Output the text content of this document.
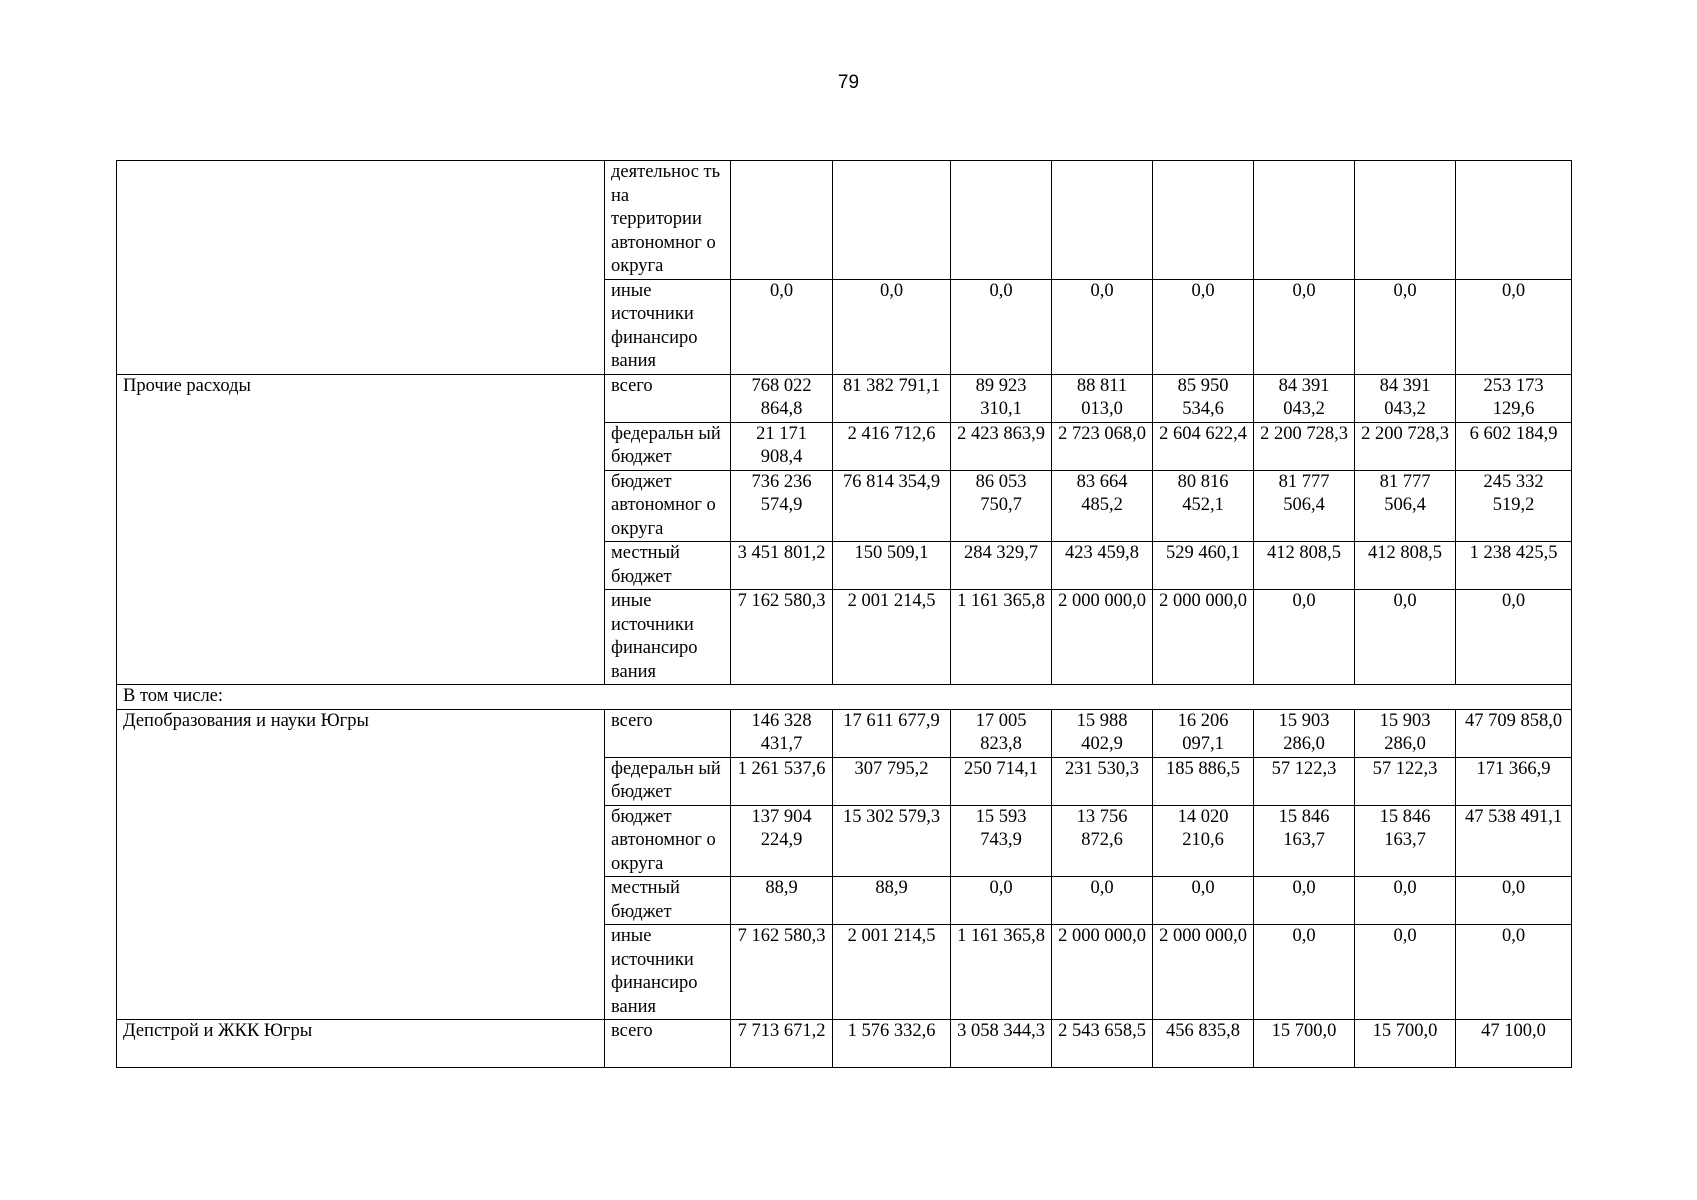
79
	деятельнос ть на территории автономног о округа								
	иные источники финансиро вания	0,0	0,0	0,0	0,0	0,0	0,0	0,0	0,0
Прочие расходы	всего	768 022 864,8	81 382 791,1	89 923 310,1	88 811 013,0	85 950 534,6	84 391 043,2	84 391 043,2	253 173 129,6
	федеральн ый бюджет	21 171 908,4	2 416 712,6	2 423 863,9	2 723 068,0	2 604 622,4	2 200 728,3	2 200 728,3	6 602 184,9
	бюджет автономног о округа	736 236 574,9	76 814 354,9	86 053 750,7	83 664 485,2	80 816 452,1	81 777 506,4	81 777 506,4	245 332 519,2
	местный бюджет	3 451 801,2	150 509,1	284 329,7	423 459,8	529 460,1	412 808,5	412 808,5	1 238 425,5
	иные источники финансиро вания	7 162 580,3	2 001 214,5	1 161 365,8	2 000 000,0	2 000 000,0	0,0	0,0	0,0
В том числе:									
Депобразования и науки Югры	всего	146 328 431,7	17 611 677,9	17 005 823,8	15 988 402,9	16 206 097,1	15 903 286,0	15 903 286,0	47 709 858,0
	федеральн ый бюджет	1 261 537,6	307 795,2	250 714,1	231 530,3	185 886,5	57 122,3	57 122,3	171 366,9
	бюджет автономног о округа	137 904 224,9	15 302 579,3	15 593 743,9	13 756 872,6	14 020 210,6	15 846 163,7	15 846 163,7	47 538 491,1
	местный бюджет	88,9	88,9	0,0	0,0	0,0	0,0	0,0	0,0
	иные источники финансиро вания	7 162 580,3	2 001 214,5	1 161 365,8	2 000 000,0	2 000 000,0	0,0	0,0	0,0
Депстрой и ЖКК Югры	всего	7 713 671,2	1 576 332,6	3 058 344,3	2 543 658,5	456 835,8	15 700,0	15 700,0	47 100,0
